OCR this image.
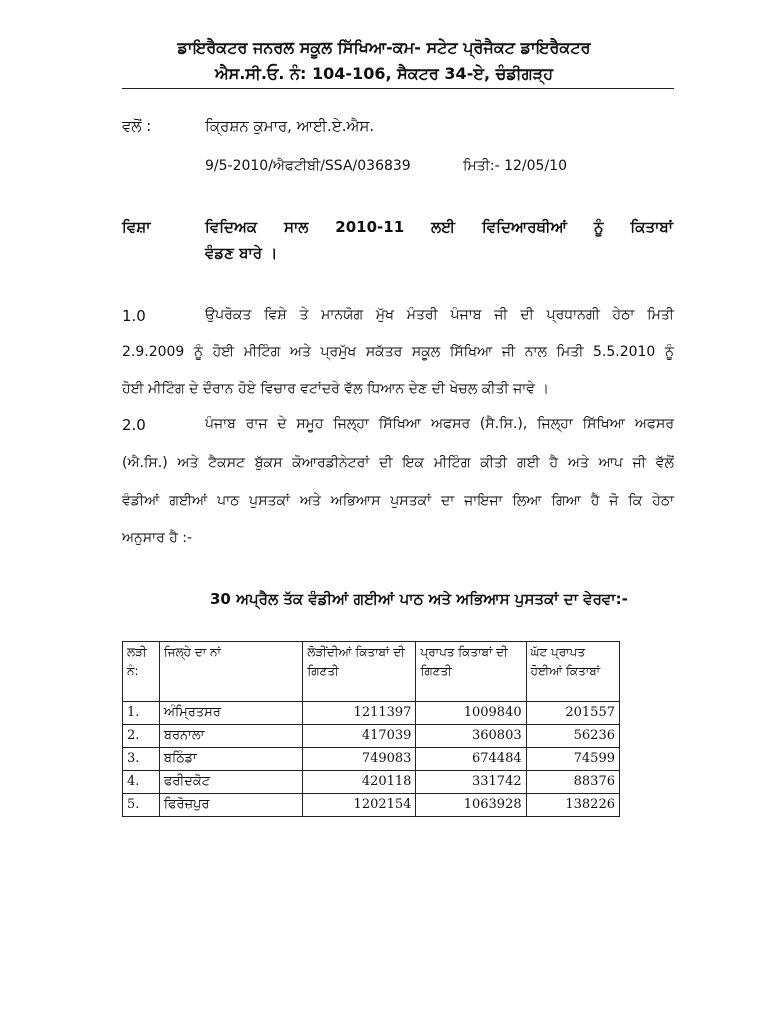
ਡਾਇਰੈਕਟਰ ਜਨਰਲ ਸਕੂਲ ਸਿੱਖਿਆ-ਕਮ- ਸਟੇਟ ਪ੍ਰੋਜੈਕਟ ਡਾਇਰੈਕਟਰ
ਐਸ.ਸੀ.ਓ. ਨੰ: 104-106, ਸੈਕਟਰ 34-ਏ, ਚੰਡੀਗੜ੍ਹ
ਵਲੋਂ :	ਕ੍ਰਿਸ਼ਨ ਕੁਮਾਰ, ਆਈ.ਏ.ਐਸ.
9/5-2010/ਐਫਟੀਬੀ/SSA/036839	ਮਿਤੀ:- 12/05/10
ਵਿਸ਼ਾ	ਵਿਦਿਅਕ ਸਾਲ 2010-11 ਲਈ ਵਿਦਿਆਰਥੀਆਂ ਨੂੰ ਕਿਤਾਬਾਂ
ਵੰਡਣ ਬਾਰੇ ।
1.0	ਉਪਰੋਕਤ ਵਿਸ਼ੇ ਤੇ ਮਾਨਯੋਗ ਮੁੱਖ ਮੰਤਰੀ ਪੰਜਾਬ ਜੀ ਦੀ ਪ੍ਰਧਾਨਗੀ ਹੇਠਾ ਮਿਤੀ
2.9.2009 ਨੂੰ ਹੋਈ ਮੀਟਿੰਗ ਅਤੇ ਪ੍ਰਮੁੱਖ ਸਕੱਤਰ ਸਕੂਲ ਸਿੱਖਿਆ ਜੀ ਨਾਲ ਮਿਤੀ 5.5.2010 ਨੂੰ
ਹੋਈ ਮੀਟਿੰਗ ਦੇ ਦੌਰਾਨ ਹੋਏ ਵਿਚਾਰ ਵਟਾਂਦਰੇ ਵੱਲ ਧਿਆਨ ਦੇਣ ਦੀ ਖੇਚਲ ਕੀਤੀ ਜਾਵੇ ।
2.0	ਪੰਜਾਬ ਰਾਜ ਦੇ ਸਮੂਹ ਜਿਲ੍ਹਾ ਸਿੱਖਿਆ ਅਫਸਰ (ਸੈ.ਸਿ.), ਜਿਲ੍ਹਾ ਸਿੱਖਿਆ ਅਫਸਰ
(ਐ.ਸਿ.) ਅਤੇ ਟੈਕਸਟ ਬੁੱਕਸ ਕੋਆਰਡੀਨੇਟਰਾਂ ਦੀ ਇਕ ਮੀਟਿੰਗ ਕੀਤੀ ਗਈ ਹੈ ਅਤੇ ਆਪ ਜੀ ਵੱਲੋਂ
ਵੰਡੀਆਂ ਗਈਆਂ ਪਾਠ ਪੁਸਤਕਾਂ ਅਤੇ ਅਭਿਆਸ ਪੁਸਤਕਾਂ ਦਾ ਜਾਇਜਾ ਲਿਆ ਗਿਆ ਹੈ ਜੋ ਕਿ ਹੇਠਾ
ਅਨੁਸਾਰ ਹੈ :-
30 ਅਪ੍ਰੈਲ ਤੱਕ ਵੰਡੀਆਂ ਗਈਆਂ ਪਾਠ ਅਤੇ ਅਭਿਆਸ ਪੁਸਤਕਾਂ ਦਾ ਵੇਰਵਾ:-
ਲੜੀ ਨੰ:	ਜਿਲ੍ਹੇ ਦਾ ਨਾਂ	ਲੋੜੀਂਦੀਆਂ ਕਿਤਾਬਾਂ ਦੀ ਗਿਣਤੀ	ਪ੍ਰਾਪਤ ਕਿਤਾਬਾਂ ਦੀ ਗਿਣਤੀ	ਘੱਟ ਪ੍ਰਾਪਤ ਹੋਈਆਂ ਕਿਤਾਬਾਂ
1.	ਅੰਮ੍ਰਿਤਸਰ	1211397	1009840	201557
2.	ਬਰਨਾਲਾ	417039	360803	56236
3.	ਬਠਿੰਡਾ	749083	674484	74599
4.	ਫਰੀਦਕੋਟ	420118	331742	88376
5.	ਫਿਰੋਜ਼ਪੁਰ	1202154	1063928	138226
